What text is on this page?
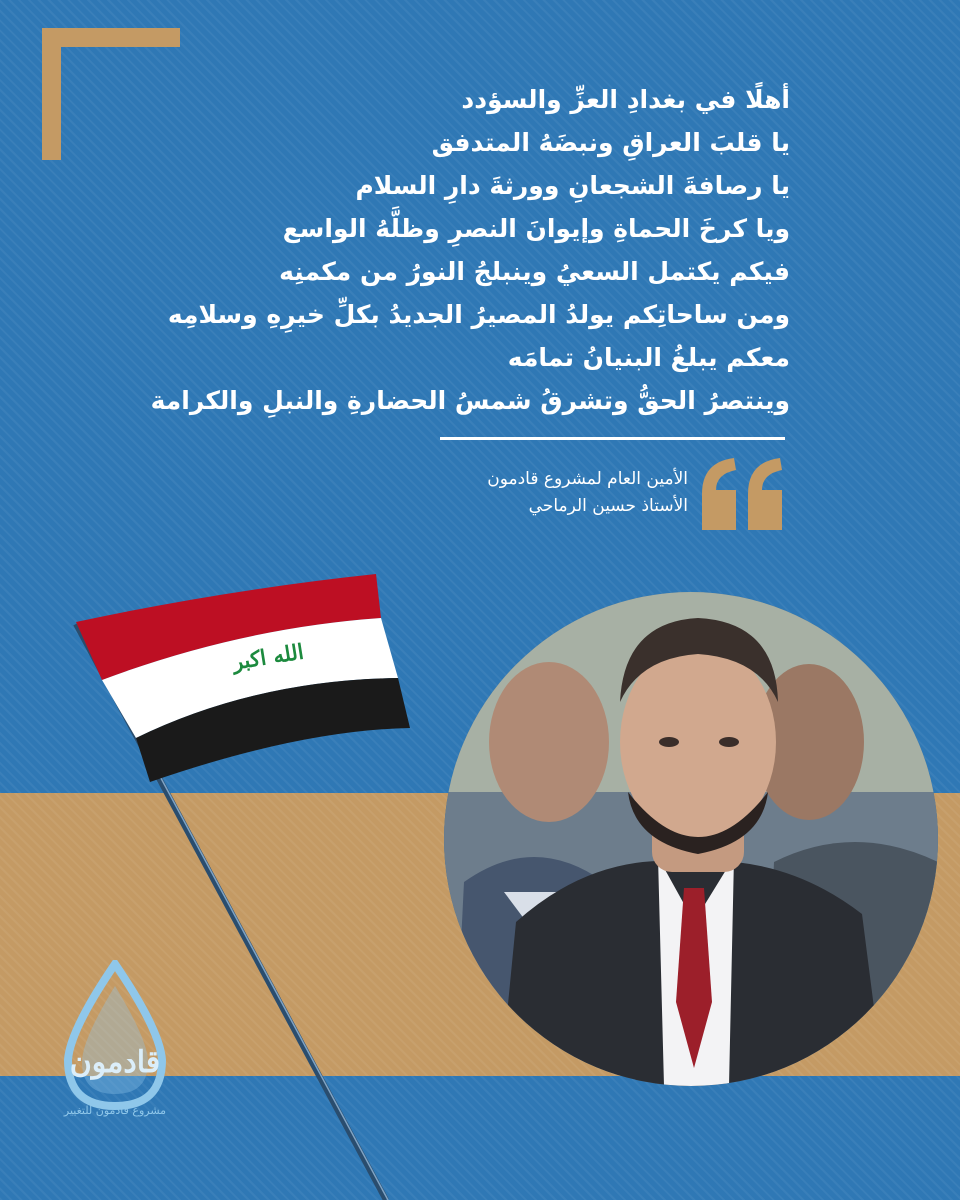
أهلًا في بغدادِ العزِّ والسؤدد
يا قلبَ العراقِ ونبضَهُ المتدفق
يا رصافةَ الشجعانِ وورثةَ دارِ السلام
ويا كرخَ الحماةِ وإيوانَ النصرِ وظلَّهُ الواسع
فيكم يكتمل السعيُ وينبلجُ النورُ من مكمنِه
ومن ساحاتِكم يولدُ المصيرُ الجديدُ بكلِّ خيرِهِ وسلامِه
معكم يبلغُ البنيانُ تمامَه
وينتصرُ الحقُّ وتشرقُ شمسُ الحضارةِ والنبلِ والكرامة
الأمين العام لمشروع قادمون
الأستاذ حسين الرماحي
الله اكبر
قادمون
مشروع قادمون للتغيير
